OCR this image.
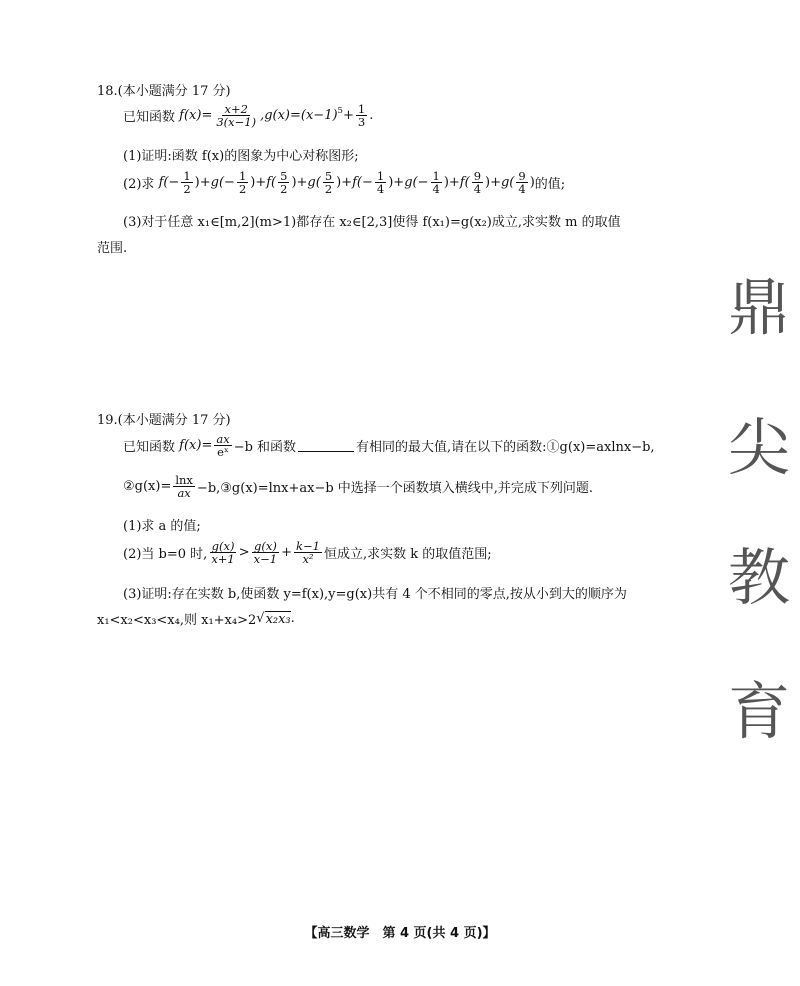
18.(本小题满分 17 分)
已知函数
$f(x)= \frac{x+2}{3(x-1)} ,g(x)=(x-1)^5 + \frac{1}{3}$ .
(1)证明:函数 f(x)的图象为中心对称图形;
(2)求
$f(- \frac{1}{2}$ )+ $g(- \frac{1}{2}$ )+ $f( \frac{5}{2}$ )+ $g( \frac{5}{2}$ )+ $f(- \frac{1}{4}$ )+ $g(- \frac{1}{4}$ )+ $f( \frac{9}{4}$ )+ $g( \frac{9}{4}$ ) 的值;
(3)对于任意 x₁∈[m,2](m>1)都存在 x₂∈[2,3]使得 f(x₁)=g(x₂)成立,求实数 m 的取值
范围.
19.(本小题满分 17 分)
已知函数
$f(x)= \frac{ax}{\text{eˣ}} -b$ 和函数	有相同的最大值,请在以下的函数:①g(x)=axlnx−b,
②g(x)= $\frac{\ln x}{ax}$ −b,③g(x)=lnx+ax−b 中选择一个函数填入横线中,并完成下列问题.
(1)求 a 的值;
(2)当 b=0 时, $\frac{g(x)}{x+1} > \frac{g(x)}{x-1} + \frac{k-1}{\text{x²}}$ 恒成立,求实数 k 的取值范围;
(3)证明:存在实数 b,使函数 y=f(x),y=g(x)共有 4 个不相同的零点,按从小到大的顺序为
x₁<x₂<x₃<x₄,则 x₁+x₄>2 √ x₂x₃ .
鼎
尖
教
育
【高三数学　第 4 页(共 4 页)】
